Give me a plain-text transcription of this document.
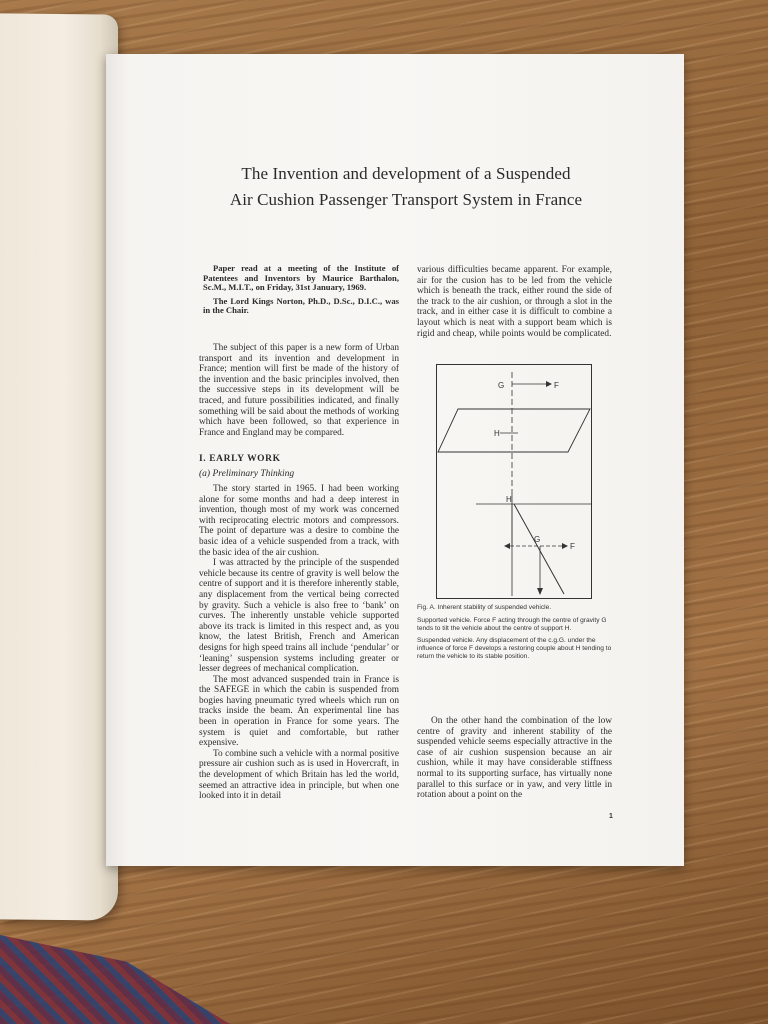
The Invention and development of a Suspended
Air Cushion Passenger Transport System in France

Paper read at a meeting of the Institute of Patentees and Inventors by Maurice Barthalon, Sc.M., M.I.T., on Friday, 31st January, 1969.

The Lord Kings Norton, Ph.D., D.Sc., D.I.C., was in the Chair.

The subject of this paper is a new form of Urban transport and its invention and development in France; mention will first be made of the history of the invention and the basic principles involved, then the successive steps in its development will be traced, and future possibilities indicated, and finally something will be said about the methods of working which have been followed, so that experience in France and England may be compared.

I. EARLY WORK
(a) Preliminary Thinking

The story started in 1965. I had been working alone for some months and had a deep interest in invention, though most of my work was concerned with reciprocating electric motors and compressors. The point of departure was a desire to combine the basic idea of a vehicle suspended from a track, with the basic idea of the air cushion.

I was attracted by the principle of the suspended vehicle because its centre of gravity is well below the centre of support and it is therefore inherently stable, any displacement from the vertical being corrected by gravity. Such a vehicle is also free to ‘bank’ on curves. The inherently unstable vehicle supported above its track is limited in this respect and, as you know, the latest British, French and American designs for high speed trains all include ‘pendular’ or ‘leaning’ suspension systems including greater or lesser degrees of mechanical complication.

The most advanced suspended train in France is the SAFEGE in which the cabin is suspended from bogies having pneumatic tyred wheels which run on tracks inside the beam. An experimental line has been in operation in France for some years. The system is quiet and comfortable, but rather expensive.

To combine such a vehicle with a normal positive pressure air cushion such as is used in Hovercraft, in the development of which Britain has led the world, seemed an attractive idea in principle, but when one looked into it in detail

various difficulties became apparent. For example, air for the cusion has to be led from the vehicle which is beneath the track, either round the side of the track to the air cushion, or through a slot in the track, and in either case it is difficult to combine a layout which is neat with a support beam which is rigid and cheap, while points would be complicated.

G	F
H
H
G
F

Fig. A. Inherent stability of suspended vehicle.

Supported vehicle. Force F acting through the centre of gravity G tends to tilt the vehicle about the centre of support H.

Suspended vehicle. Any displacement of the c.g.G. under the influence of force F develops a restoring couple about H tending to return the vehicle to its stable position.

On the other hand the combination of the low centre of gravity and inherent stability of the suspended vehicle seems especially attractive in the case of air cushion suspension because an air cushion, while it may have considerable stiffness normal to its supporting surface, has virtually none parallel to this surface or in yaw, and very little in rotation about a point on the

1
